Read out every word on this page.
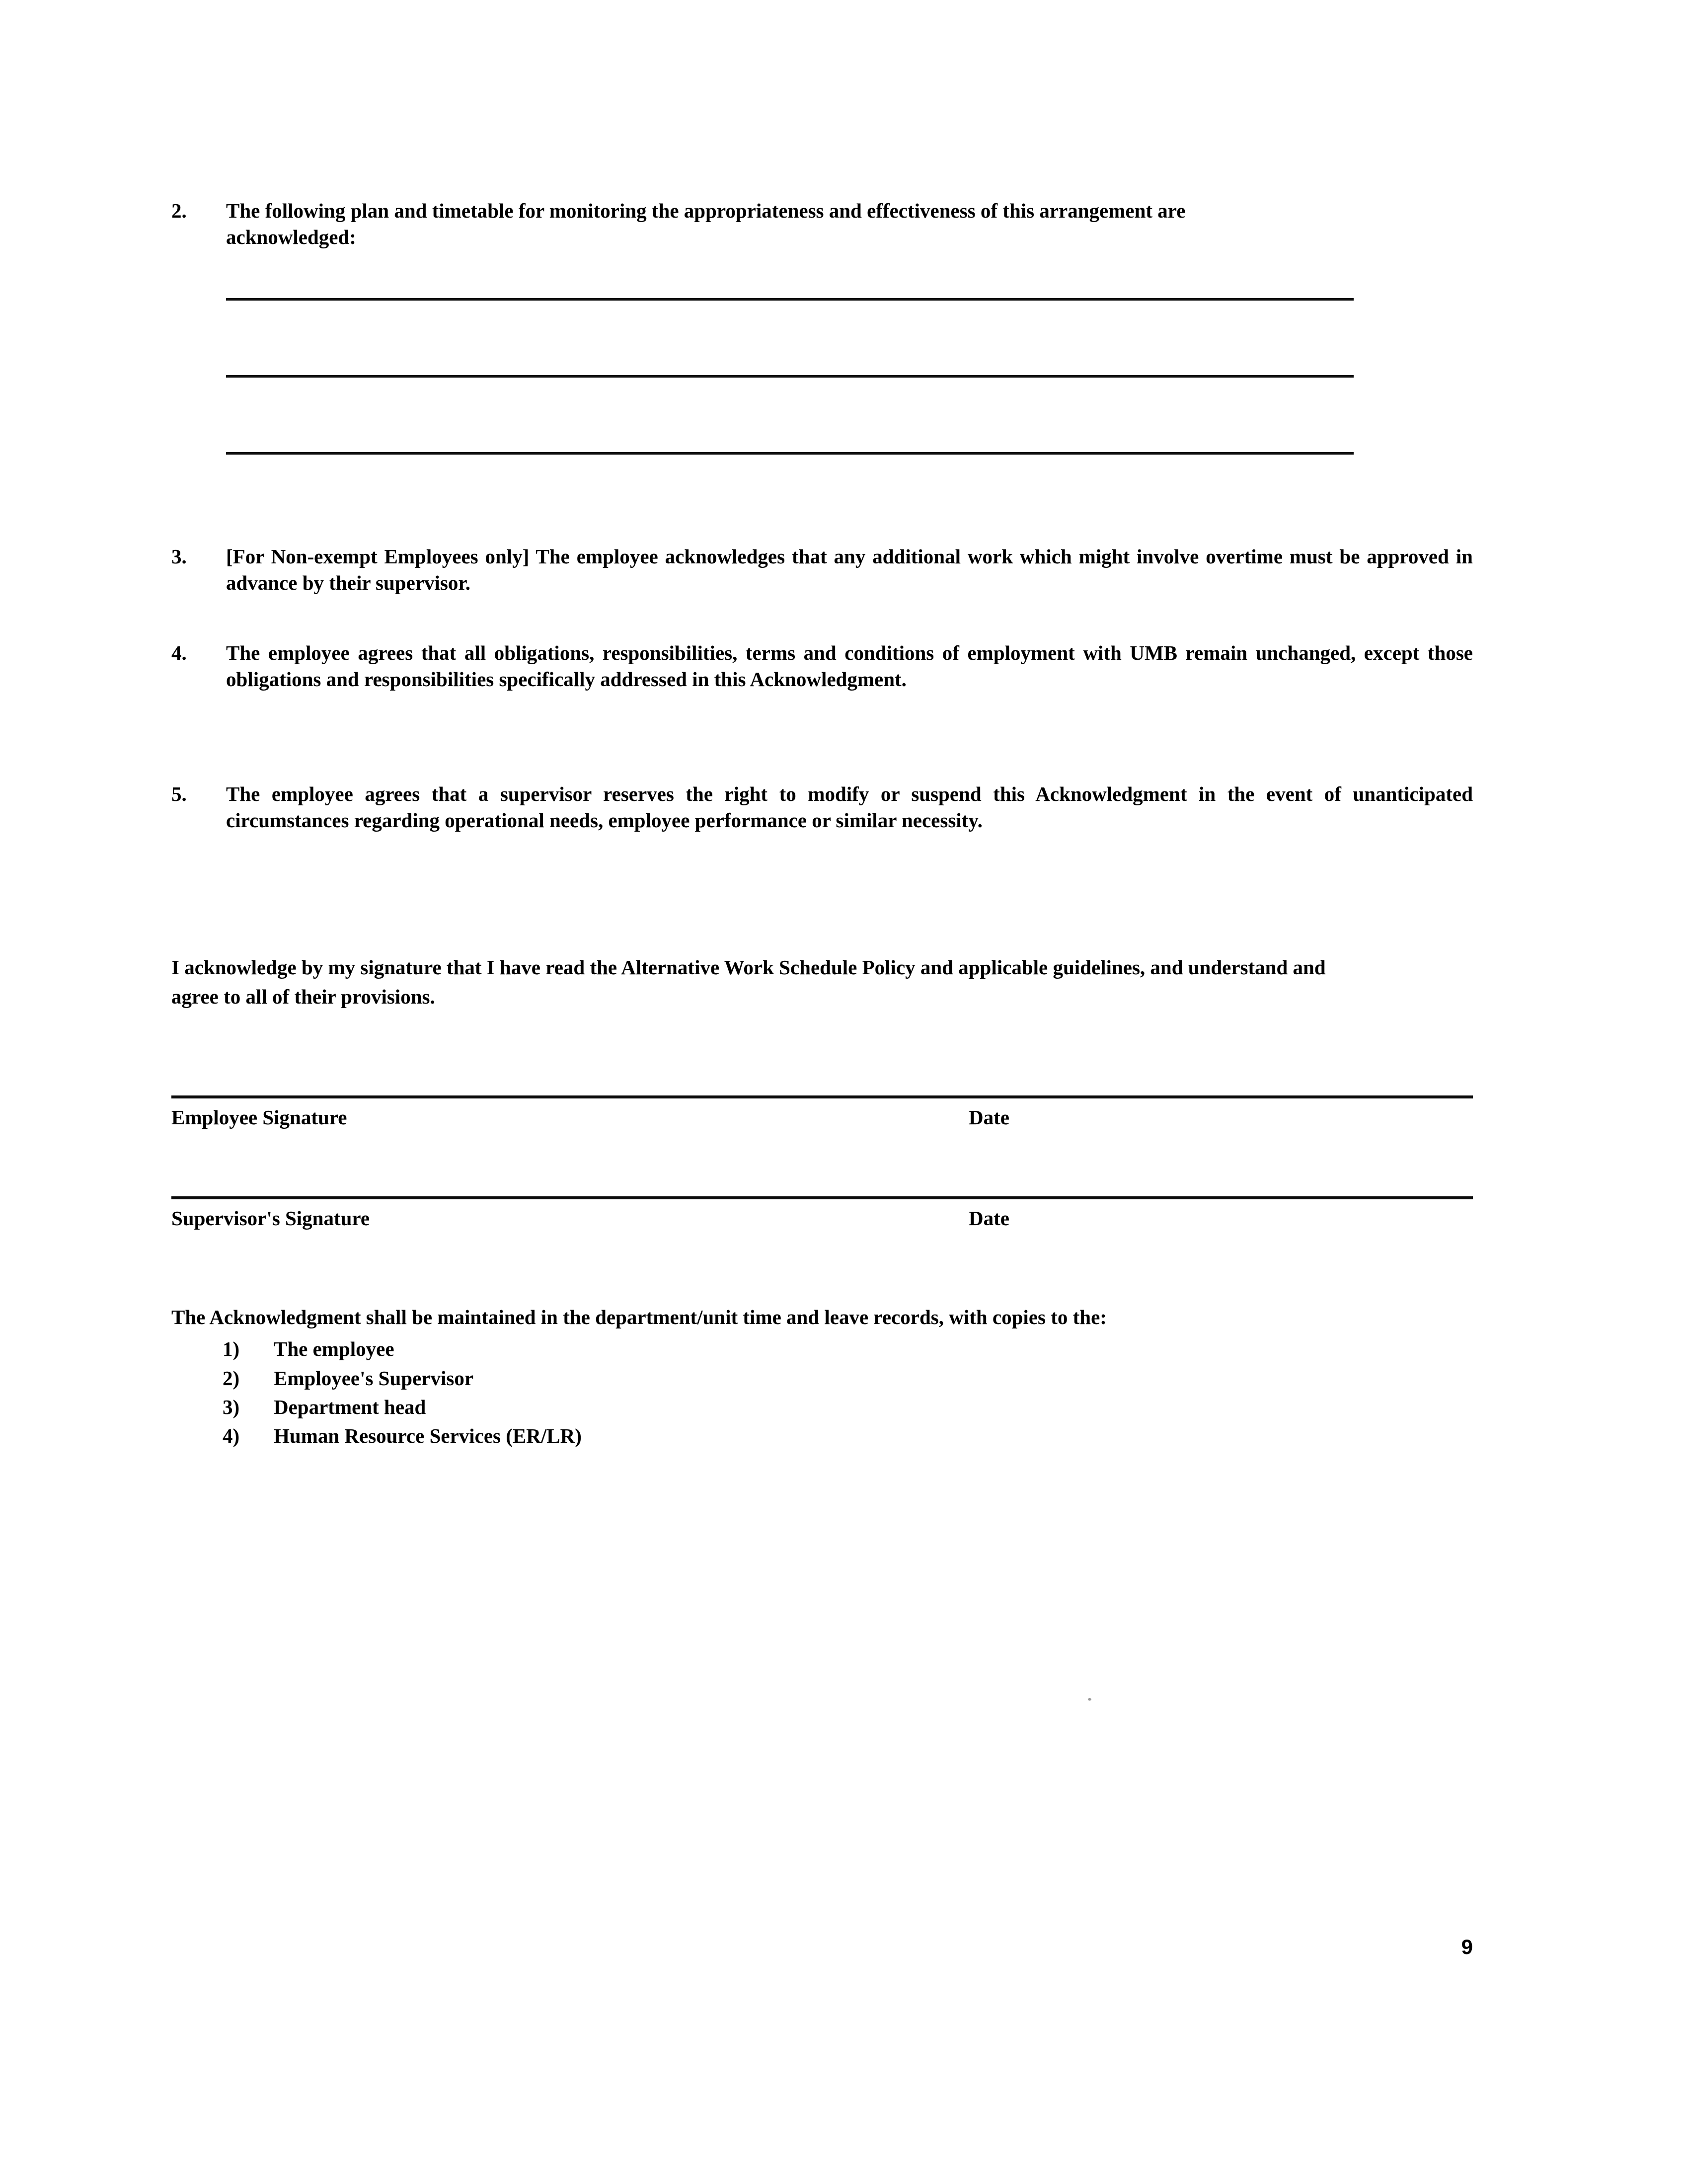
2.	The following plan and timetable for monitoring the appropriateness and effectiveness of this arrangement are acknowledged:
3.	[For Non-exempt Employees only] The employee acknowledges that any additional work which might involve overtime must be approved in advance by their supervisor.
4.	The employee agrees that all obligations, responsibilities, terms and conditions of employment with UMB remain unchanged, except those obligations and responsibilities specifically addressed in this Acknowledgment.
5.	The employee agrees that a supervisor reserves the right to modify or suspend this Acknowledgment in the event of unanticipated circumstances regarding operational needs, employee performance or similar necessity.
I acknowledge by my signature that I have read the Alternative Work Schedule Policy and applicable guidelines, and understand and agree to all of their provisions.
Employee Signature	Date
Supervisor's Signature	Date
The Acknowledgment shall be maintained in the department/unit time and leave records, with copies to the:
1)	The employee
2)	Employee's Supervisor
3)	Department head
4)	Human Resource Services (ER/LR)
9
